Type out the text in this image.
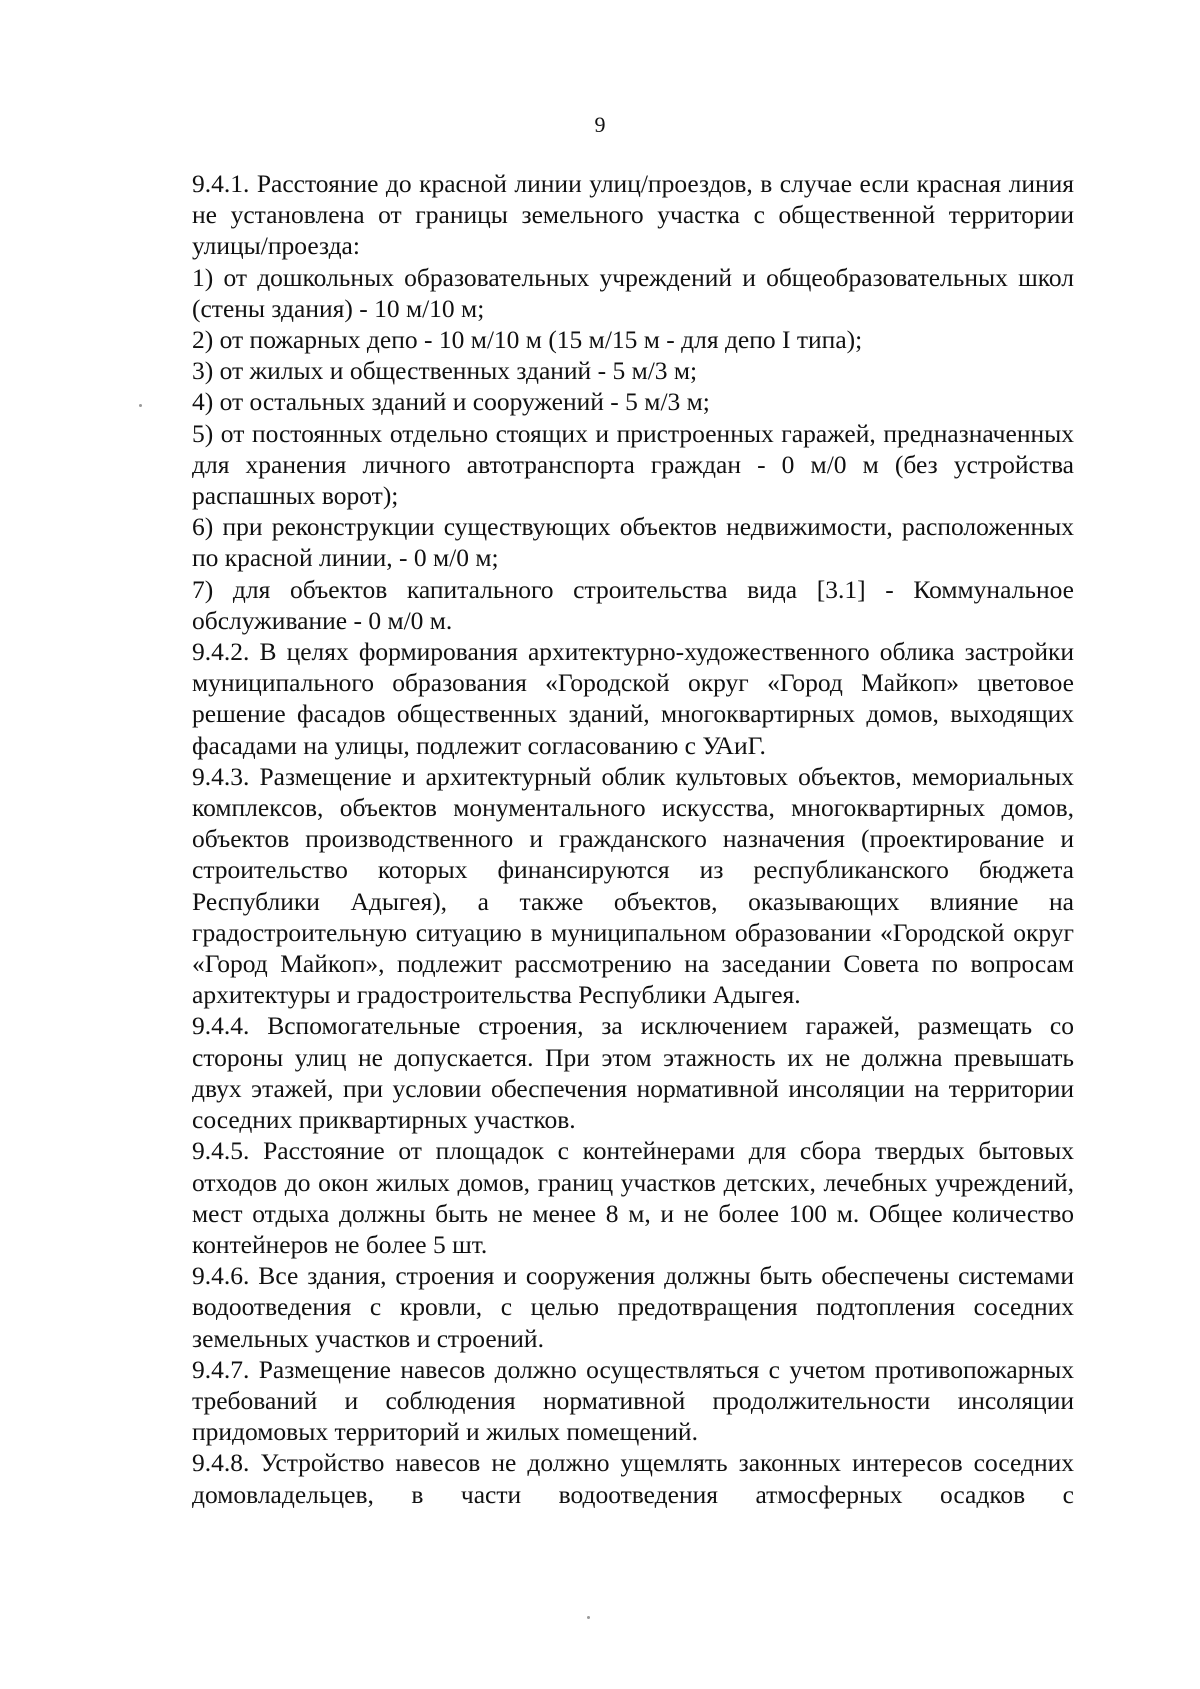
9

9.4.1. Расстояние до красной линии улиц/проездов, в случае если красная линия не установлена от границы земельного участка с общественной территории улицы/проезда:

1) от дошкольных образовательных учреждений и общеобразовательных школ (стены здания) - 10 м/10 м;

2) от пожарных депо - 10 м/10 м (15 м/15 м - для депо I типа);

3) от жилых и общественных зданий - 5 м/3 м;

4) от остальных зданий и сооружений - 5 м/3 м;

5) от постоянных отдельно стоящих и пристроенных гаражей, предназначенных для хранения личного автотранспорта граждан - 0 м/0 м (без устройства распашных ворот);

6) при реконструкции существующих объектов недвижимости, расположенных по красной линии, - 0 м/0 м;

7) для объектов капитального строительства вида [3.1] - Коммунальное обслуживание - 0 м/0 м.

9.4.2. В целях формирования архитектурно-художественного облика застройки муниципального образования «Городской округ «Город Майкоп» цветовое решение фасадов общественных зданий, многоквартирных домов, выходящих фасадами на улицы, подлежит согласованию с УАиГ.

9.4.3. Размещение и архитектурный облик культовых объектов, мемориальных комплексов, объектов монументального искусства, многоквартирных домов, объектов производственного и гражданского назначения (проектирование и строительство которых финансируются из республиканского бюджета Республики Адыгея), а также объектов, оказывающих влияние на градостроительную ситуацию в муниципальном образовании «Городской округ «Город Майкоп», подлежит рассмотрению на заседании Совета по вопросам архитектуры и градостроительства Республики Адыгея.

9.4.4. Вспомогательные строения, за исключением гаражей, размещать со стороны улиц не допускается. При этом этажность их не должна превышать двух этажей, при условии обеспечения нормативной инсоляции на территории соседних приквартирных участков.

9.4.5. Расстояние от площадок с контейнерами для сбора твердых бытовых отходов до окон жилых домов, границ участков детских, лечебных учреждений, мест отдыха должны быть не менее 8 м, и не более 100 м. Общее количество контейнеров не более 5 шт.

9.4.6. Все здания, строения и сооружения должны быть обеспечены системами водоотведения с кровли, с целью предотвращения подтопления соседних земельных участков и строений.

9.4.7. Размещение навесов должно осуществляться с учетом противопожарных требований и соблюдения нормативной продолжительности инсоляции придомовых территорий и жилых помещений.

9.4.8. Устройство навесов не должно ущемлять законных интересов соседних домовладельцев, в части водоотведения атмосферных осадков с
